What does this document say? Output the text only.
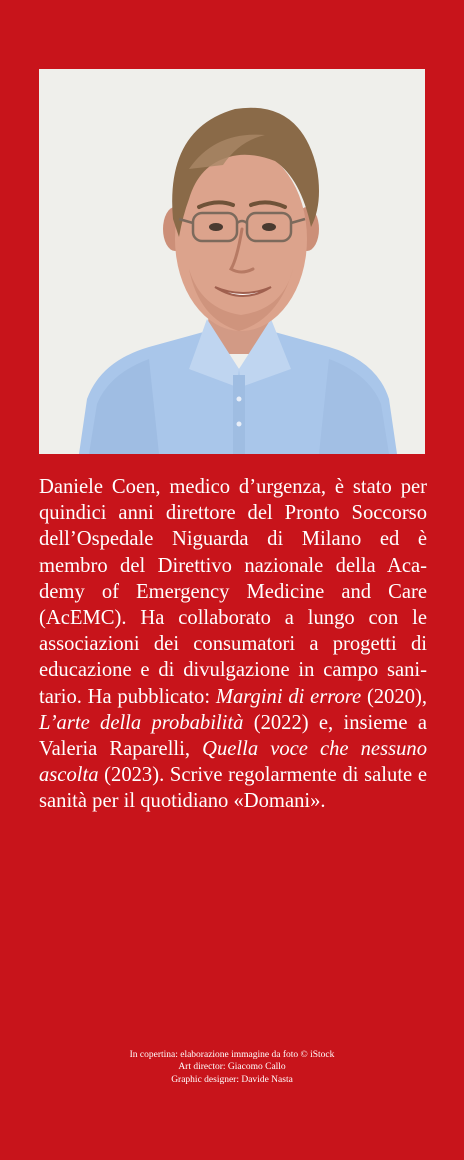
Daniele Coen, medico d’urgenza, è stato per quindici anni direttore del Pronto Soccorso dell’Ospedale Niguarda di Milano ed è membro del Direttivo nazionale della Academy of Emergency Medicine and Care (AcEMC). Ha collaborato a lungo con le associazioni dei consumatori a progetti di educazione e di divulgazione in campo sanitario. Ha pubblicato: Margini di errore (2020), L’arte della probabilità (2022) e, insieme a Valeria Raparelli, Quella voce che nessuno ascolta (2023). Scrive regolarmente di salute e sanità per il quotidiano «Domani».
In copertina: elaborazione immagine da foto © iStock
Art director: Giacomo Callo
Graphic designer: Davide Nasta
